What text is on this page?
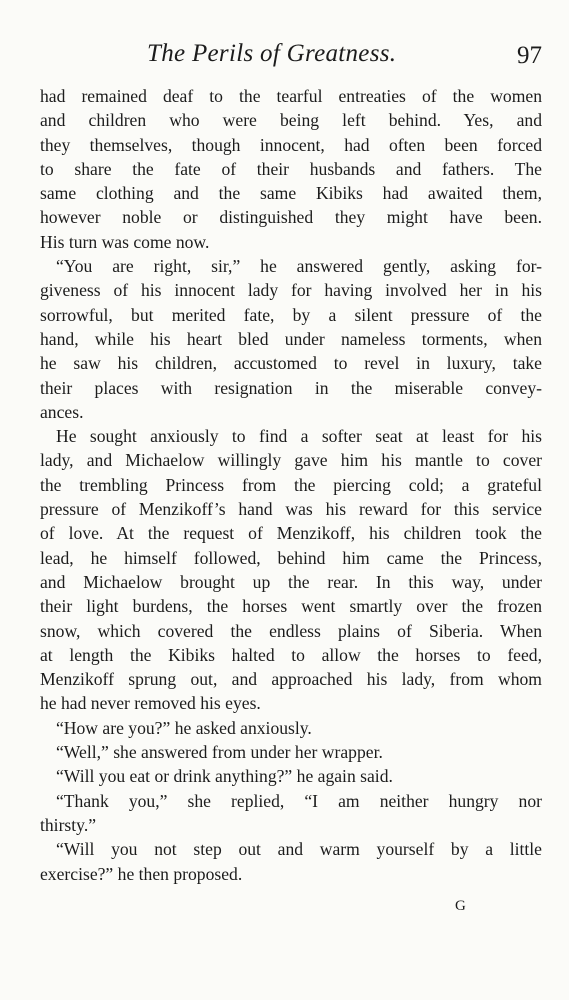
The Perils of Greatness.	97
had remained deaf to the tearful entreaties of the women
and children who were being left behind. Yes, and
they themselves, though innocent, had often been forced
to share the fate of their husbands and fathers. The
same clothing and the same Kibiks had awaited them,
however noble or distinguished they might have been.
His turn was come now.
“You are right, sir,” he answered gently, asking for-
giveness of his innocent lady for having involved her in his
sorrowful, but merited fate, by a silent pressure of the
hand, while his heart bled under nameless torments, when
he saw his children, accustomed to revel in luxury, take
their places with resignation in the miserable convey-
ances.
He sought anxiously to find a softer seat at least for his
lady, and Michaelow willingly gave him his mantle to cover
the trembling Princess from the piercing cold; a grateful
pressure of Menzikoff’s hand was his reward for this service
of love. At the request of Menzikoff, his children took the
lead, he himself followed, behind him came the Princess,
and Michaelow brought up the rear. In this way, under
their light burdens, the horses went smartly over the frozen
snow, which covered the endless plains of Siberia. When
at length the Kibiks halted to allow the horses to feed,
Menzikoff sprung out, and approached his lady, from whom
he had never removed his eyes.
“How are you?” he asked anxiously.
“Well,” she answered from under her wrapper.
“Will you eat or drink anything?” he again said.
“Thank you,” she replied, “I am neither hungry nor
thirsty.”
“Will you not step out and warm yourself by a little
exercise?” he then proposed.
G
